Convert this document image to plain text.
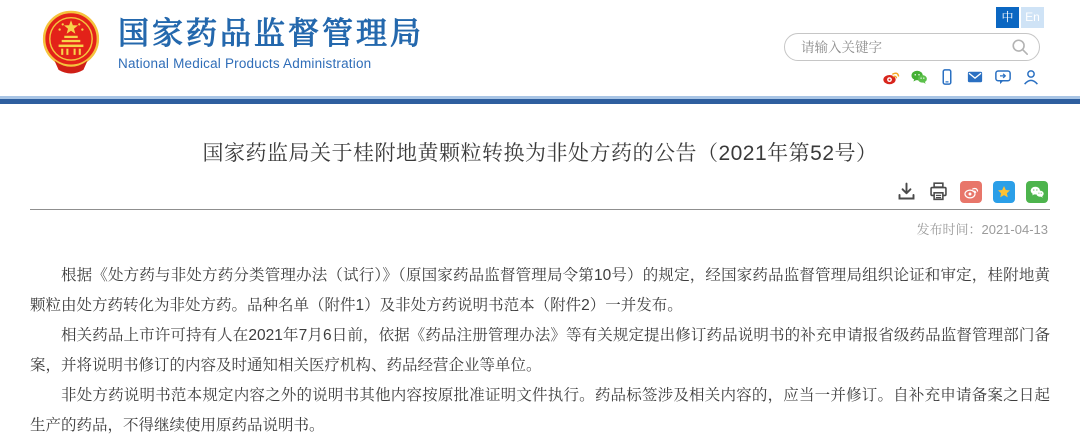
国家药品监督管理局
National Medical Products Administration
中 En
请输入关键字
国家药监局关于桂附地黄颗粒转换为非处方药的公告（2021年第52号）
发布时间：2021-04-13

根据《处方药与非处方药分类管理办法（试行）》（原国家药品监督管理局令第10号）的规定，经国家药品监督管理局组织论证和审定，桂附地黄颗粒由处方药转化为非处方药。品种名单（附件1）及非处方药说明书范本（附件2）一并发布。

相关药品上市许可持有人在2021年7月6日前，依据《药品注册管理办法》等有关规定提出修订药品说明书的补充申请报省级药品监督管理部门备案，并将说明书修订的内容及时通知相关医疗机构、药品经营企业等单位。

非处方药说明书范本规定内容之外的说明书其他内容按原批准证明文件执行。药品标签涉及相关内容的，应当一并修订。自补充申请备案之日起生产的药品，不得继续使用原药品说明书。
